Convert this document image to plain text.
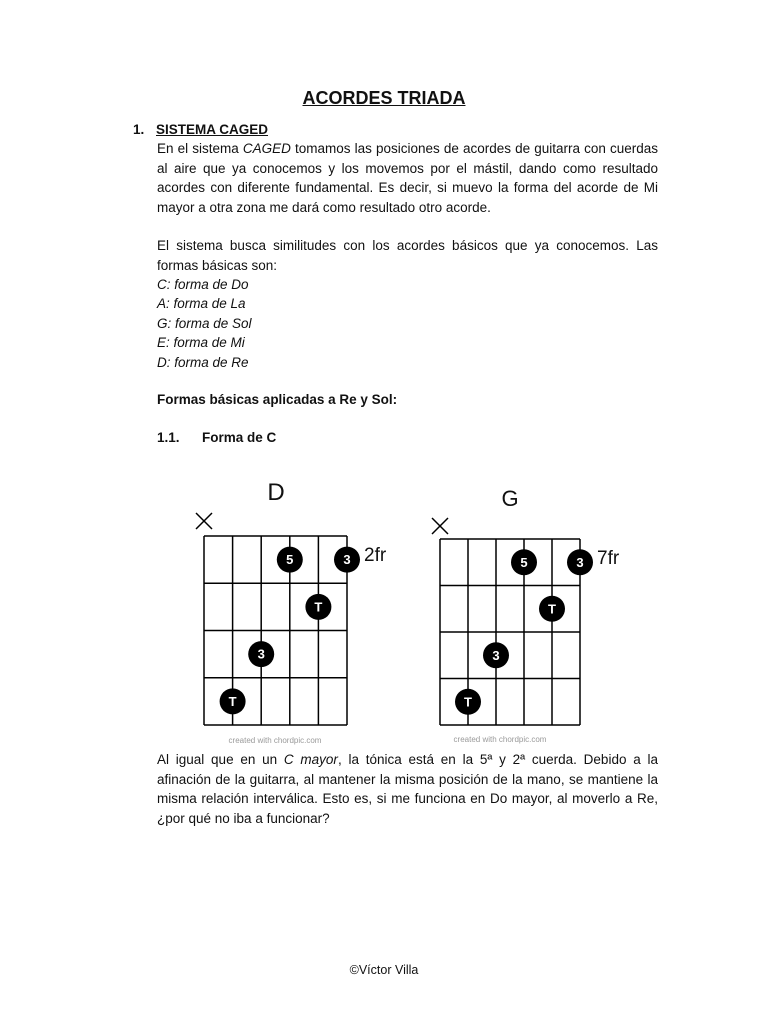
ACORDES TRIADA
1. SISTEMA CAGED

En el sistema CAGED tomamos las posiciones de acordes de guitarra con cuerdas al aire que ya conocemos y los movemos por el mástil, dando como resultado acordes con diferente fundamental. Es decir, si muevo la forma del acorde de Mi mayor a otra zona me dará como resultado otro acorde.

El sistema busca similitudes con los acordes básicos que ya conocemos. Las formas básicas son:

C: forma de Do
A: forma de La
G: forma de Sol
E: forma de Mi
D: forma de Re
Formas básicas aplicadas a Re y Sol:
1.1. Forma de C
D
T
3
5
T
3 2fr
created with chordpic.com
G
T
3
5
T
3 7fr
created with chordpic.com

Al igual que en un C mayor, la tónica está en la 5ª y 2ª cuerda. Debido a la afinación de la guitarra, al mantener la misma posición de la mano, se mantiene la misma relación interválica. Esto es, si me funciona en Do mayor, al moverlo a Re, ¿por qué no iba a funcionar?

©Víctor Villa
